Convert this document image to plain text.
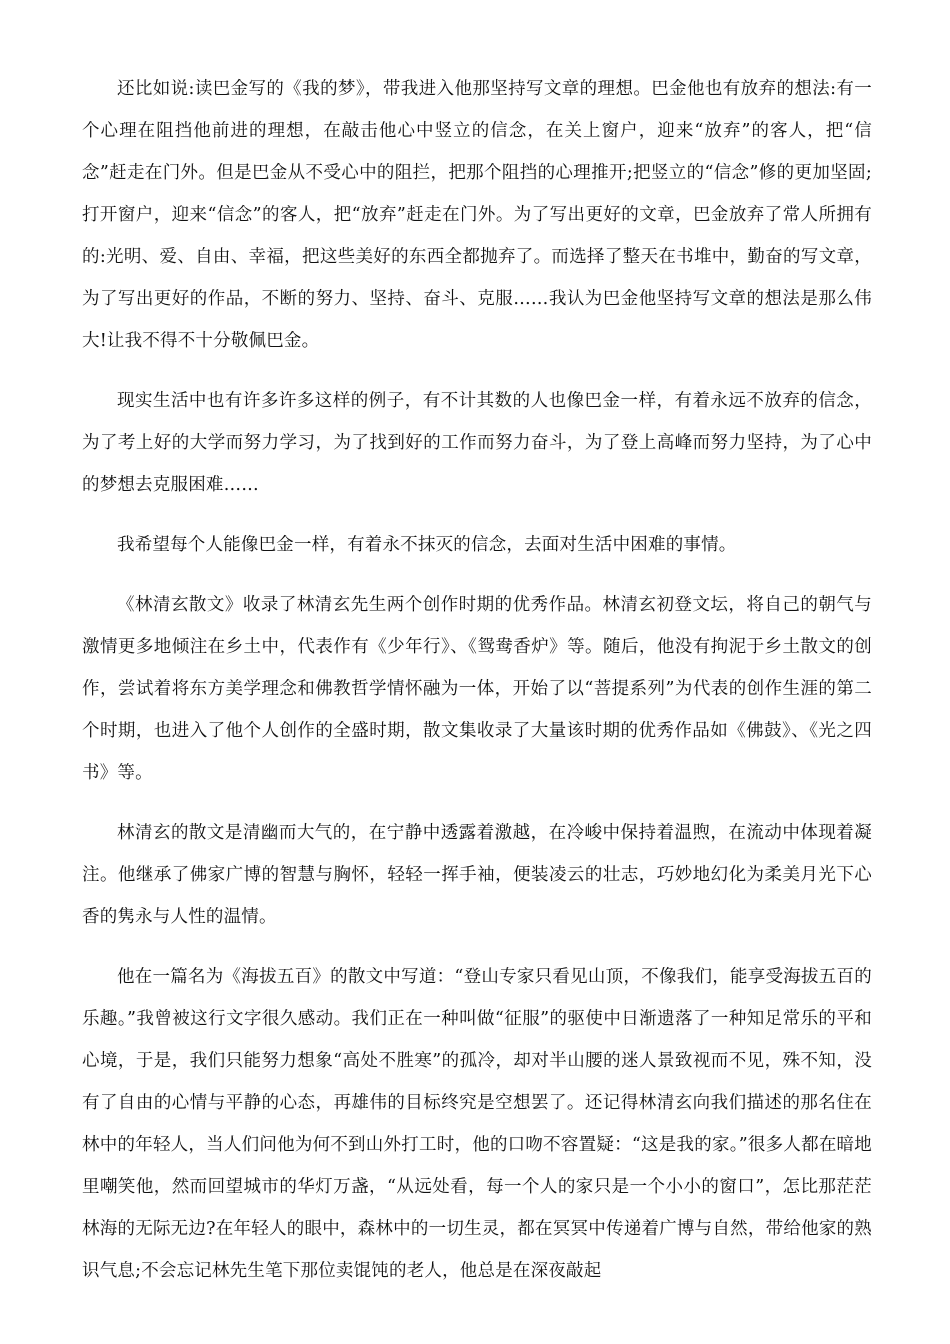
还比如说:读巴金写的《我的梦》，带我进入他那坚持写文章的理想。巴金他也有放弃的想法:有一个心理在阻挡他前进的理想，在敲击他心中竖立的信念，在关上窗户，迎来“放弃”的客人，把“信念”赶走在门外。但是巴金从不受心中的阻拦，把那个阻挡的心理推开;把竖立的“信念”修的更加坚固;打开窗户，迎来“信念”的客人，把“放弃”赶走在门外。为了写出更好的文章，巴金放弃了常人所拥有的:光明、爱、自由、幸福，把这些美好的东西全都抛弃了。而选择了整天在书堆中，勤奋的写文章，为了写出更好的作品，不断的努力、坚持、奋斗、克服……我认为巴金他坚持写文章的想法是那么伟大!让我不得不十分敬佩巴金。

现实生活中也有许多许多这样的例子，有不计其数的人也像巴金一样，有着永远不放弃的信念，为了考上好的大学而努力学习，为了找到好的工作而努力奋斗，为了登上高峰而努力坚持，为了心中的梦想去克服困难……

我希望每个人能像巴金一样，有着永不抹灭的信念，去面对生活中困难的事情。

《林清玄散文》收录了林清玄先生两个创作时期的优秀作品。林清玄初登文坛，将自己的朝气与激情更多地倾注在乡土中，代表作有《少年行》、《鸳鸯香炉》等。随后，他没有拘泥于乡土散文的创作，尝试着将东方美学理念和佛教哲学情怀融为一体，开始了以“菩提系列”为代表的创作生涯的第二个时期，也进入了他个人创作的全盛时期，散文集收录了大量该时期的优秀作品如《佛鼓》、《光之四书》等。

林清玄的散文是清幽而大气的，在宁静中透露着激越，在冷峻中保持着温煦，在流动中体现着凝注。他继承了佛家广博的智慧与胸怀，轻轻一挥手袖，便装凌云的壮志，巧妙地幻化为柔美月光下心香的隽永与人性的温情。

他在一篇名为《海拔五百》的散文中写道：“登山专家只看见山顶，不像我们，能享受海拔五百的乐趣。”我曾被这行文字很久感动。我们正在一种叫做“征服”的驱使中日渐遗落了一种知足常乐的平和心境，于是，我们只能努力想象“高处不胜寒”的孤冷，却对半山腰的迷人景致视而不见，殊不知，没有了自由的心情与平静的心态，再雄伟的目标终究是空想罢了。还记得林清玄向我们描述的那名住在林中的年轻人，当人们问他为何不到山外打工时，他的口吻不容置疑：“这是我的家。”很多人都在暗地里嘲笑他，然而回望城市的华灯万盏，“从远处看，每一个人的家只是一个小小的窗口”，怎比那茫茫林海的无际无边?在年轻人的眼中，森林中的一切生灵，都在冥冥中传递着广博与自然，带给他家的熟识气息;不会忘记林先生笔下那位卖馄饨的老人，他总是在深夜敲起
